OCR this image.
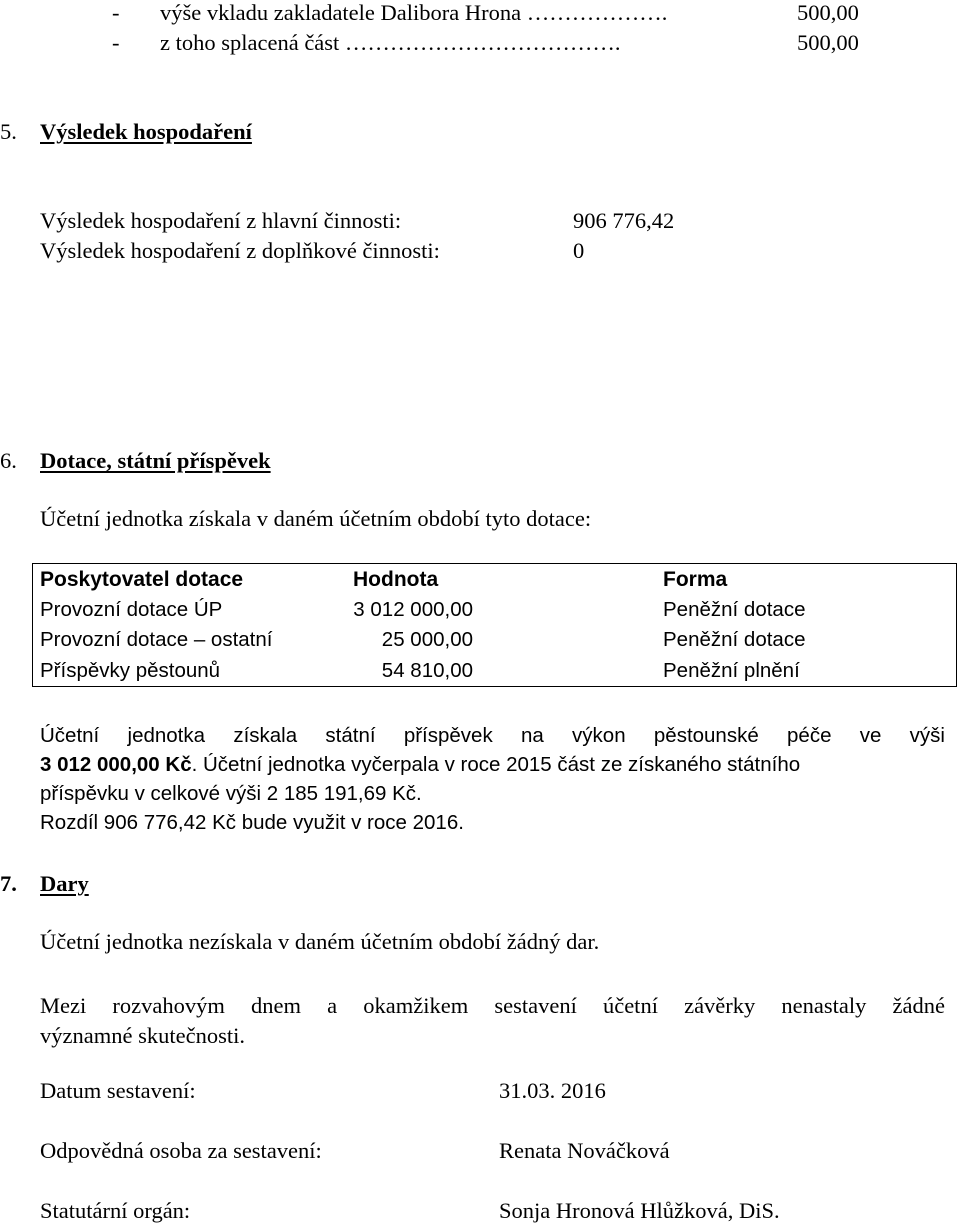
-	výše vkladu zakladatele Dalibora Hrona ……………….	500,00
-	z toho splacená část ……………………………….	500,00
5. Výsledek hospodaření
Výsledek hospodaření z hlavní činnosti:	906 776,42
Výsledek hospodaření z doplňkové činnosti:	0
6. Dotace, státní příspěvek
Účetní jednotka získala v daném účetním období tyto dotace:
Poskytovatel dotace	Hodnota	Forma
Provozní dotace ÚP	3 012 000,00	Peněžní dotace
Provozní dotace – ostatní	25 000,00	Peněžní dotace
Příspěvky pěstounů	54 810,00	Peněžní plnění
Účetní jednotka získala státní příspěvek na výkon pěstounské péče ve výši
3 012 000,00 Kč. Účetní jednotka vyčerpala v roce 2015 část ze získaného státního
příspěvku v celkové výši 2 185 191,69 Kč.
Rozdíl 906 776,42 Kč bude využit v roce 2016.
7. Dary
Účetní jednotka nezískala v daném účetním období žádný dar.
Mezi rozvahovým dnem a okamžikem sestavení účetní závěrky nenastaly žádné
významné skutečnosti.
Datum sestavení:	31.03. 2016
Odpovědná osoba za sestavení:	Renata Nováčková
Statutární orgán:	Sonja Hronová Hlůžková, DiS.
